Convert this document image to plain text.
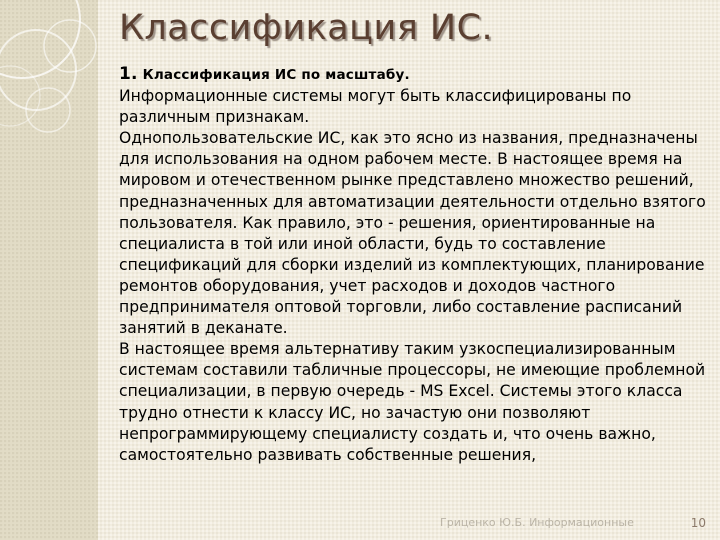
Классификация ИС.

1. Классификация ИС по масштабу.

Информационные системы могут быть классифицированы по различным признакам.

Однопользовательские ИС, как это ясно из названия, предназначены для использования на одном рабочем месте. В настоящее время на мировом и отечественном рынке представлено множество решений, предназначенных для автоматизации деятельности отдельно взятого пользователя. Как правило, это - решения, ориентированные на специалиста в той или иной области, будь то составление спецификаций для сборки изделий из комплектующих, планирование ремонтов оборудования, учет расходов и доходов частного предпринимателя оптовой торговли, либо составление расписаний занятий в деканате.

В настоящее время альтернативу таким узкоспециализированным системам составили табличные процессоры, не имеющие проблемной специализации, в первую очередь - MS Excel. Системы этого класса трудно отнести к классу ИС, но зачастую они позволяют непрограммирующему специалисту создать и, что очень важно, самостоятельно развивать собственные решения,

Гриценко Ю.Б. Информационные	10
